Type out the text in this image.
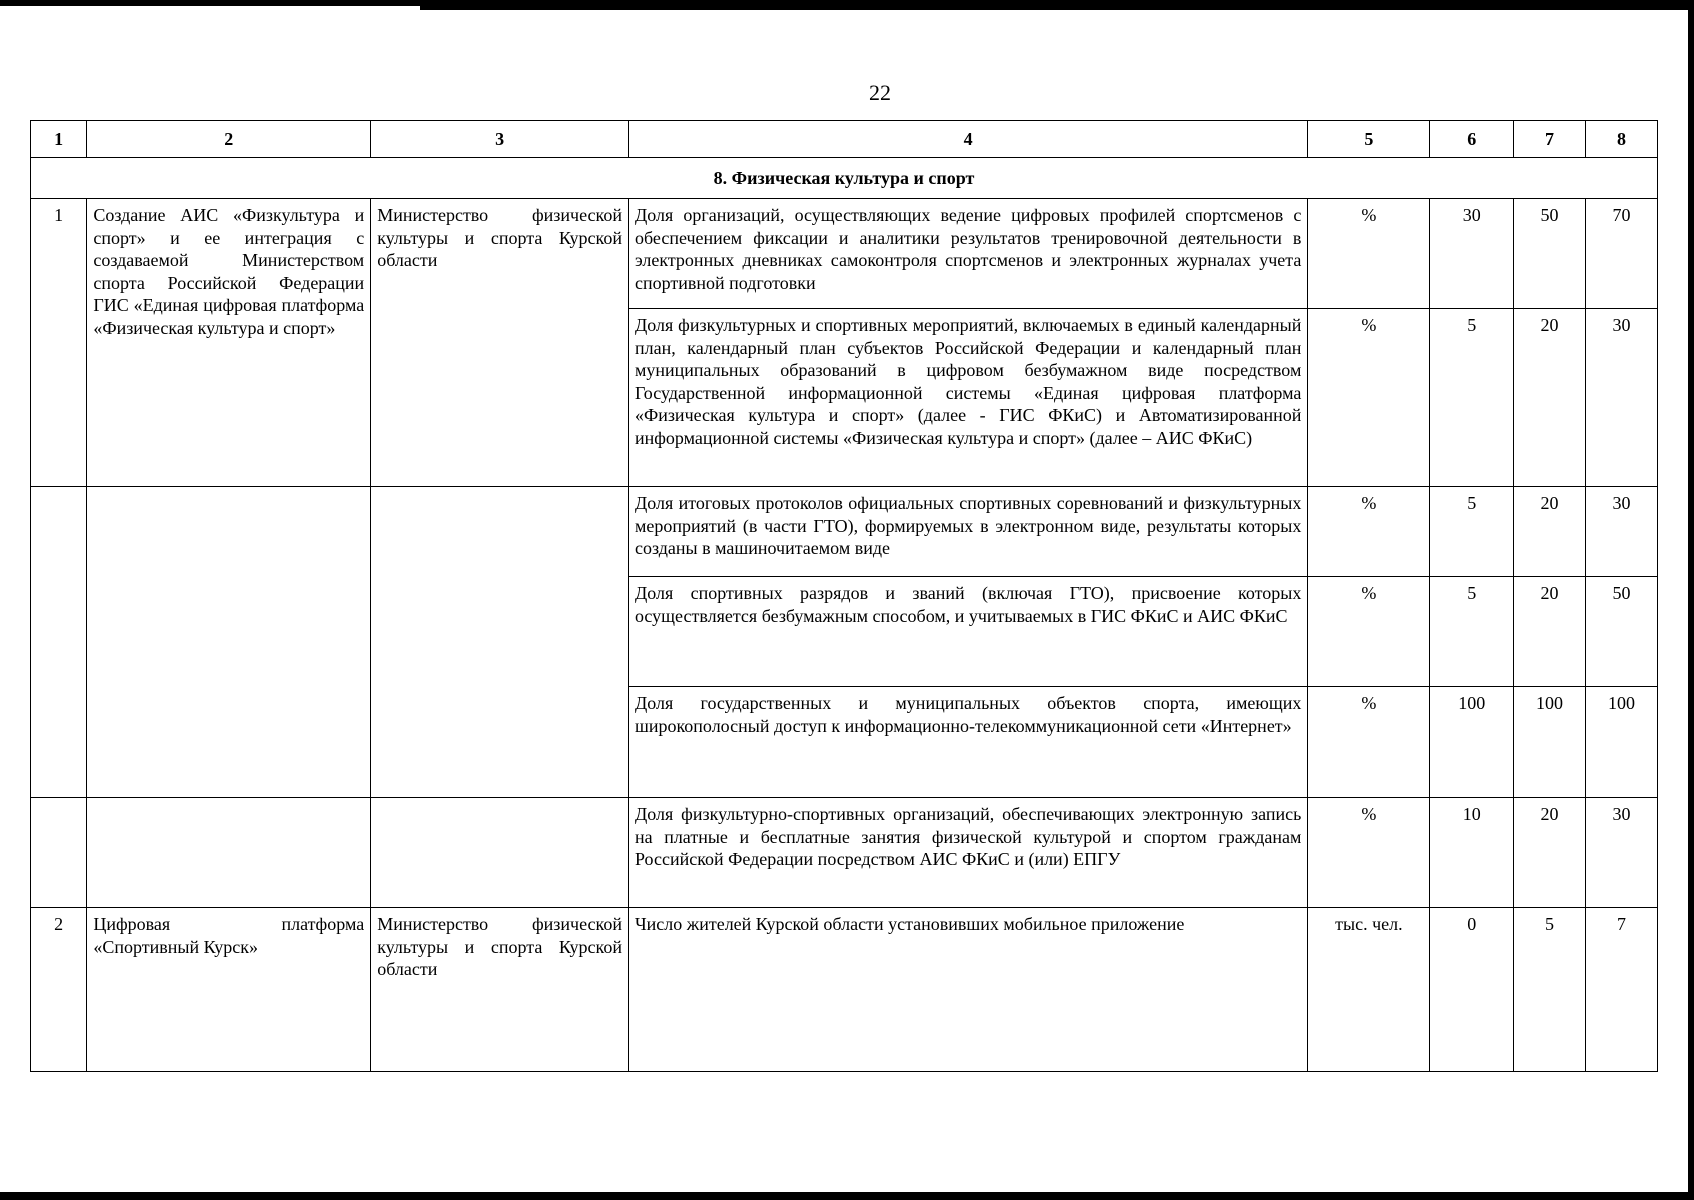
22
1	2	3	4	5	6	7	8
8. Физическая культура и спорт							
1	Создание АИС «Физкультура и спорт» и ее интеграция с создаваемой Министерством спорта Российской Федерации ГИС «Единая цифровая платформа «Физическая культура и спорт»	Министерство физической культуры и спорта Курской области	Доля организаций, осуществляющих ведение цифровых профилей спортсменов с обеспечением фиксации и аналитики результатов тренировочной деятельности в электронных дневниках самоконтроля спортсменов и электронных журналах учета спортивной подготовки	%	30	50	70
			Доля физкультурных и спортивных мероприятий, включаемых в единый календарный план, календарный план субъектов Российской Федерации и календарный план муниципальных образований в цифровом безбумажном виде посредством Государственной информационной системы «Единая цифровая платформа «Физическая культура и спорт» (далее - ГИС ФКиС) и Автоматизированной информационной системы «Физическая культура и спорт» (далее – АИС ФКиС)	%	5	20	30
			Доля итоговых протоколов официальных спортивных соревнований и физкультурных мероприятий (в части ГТО), формируемых в электронном виде, результаты которых созданы в машиночитаемом виде	%	5	20	30
			Доля спортивных разрядов и званий (включая ГТО), присвоение которых осуществляется безбумажным способом, и учитываемых в ГИС ФКиС и АИС ФКиС	%	5	20	50
			Доля государственных и муниципальных объектов спорта, имеющих широкополосный доступ к информационно-телекоммуникационной сети «Интернет»	%	100	100	100
			Доля физкультурно-спортивных организаций, обеспечивающих электронную запись на платные и бесплатные занятия физической культурой и спортом гражданам Российской Федерации посредством АИС ФКиС и (или) ЕПГУ	%	10	20	30
2	Цифровая платформа «Спортивный Курск»	Министерство физической культуры и спорта Курской области	Число жителей Курской области установивших мобильное приложение	тыс. чел.	0	5	7
